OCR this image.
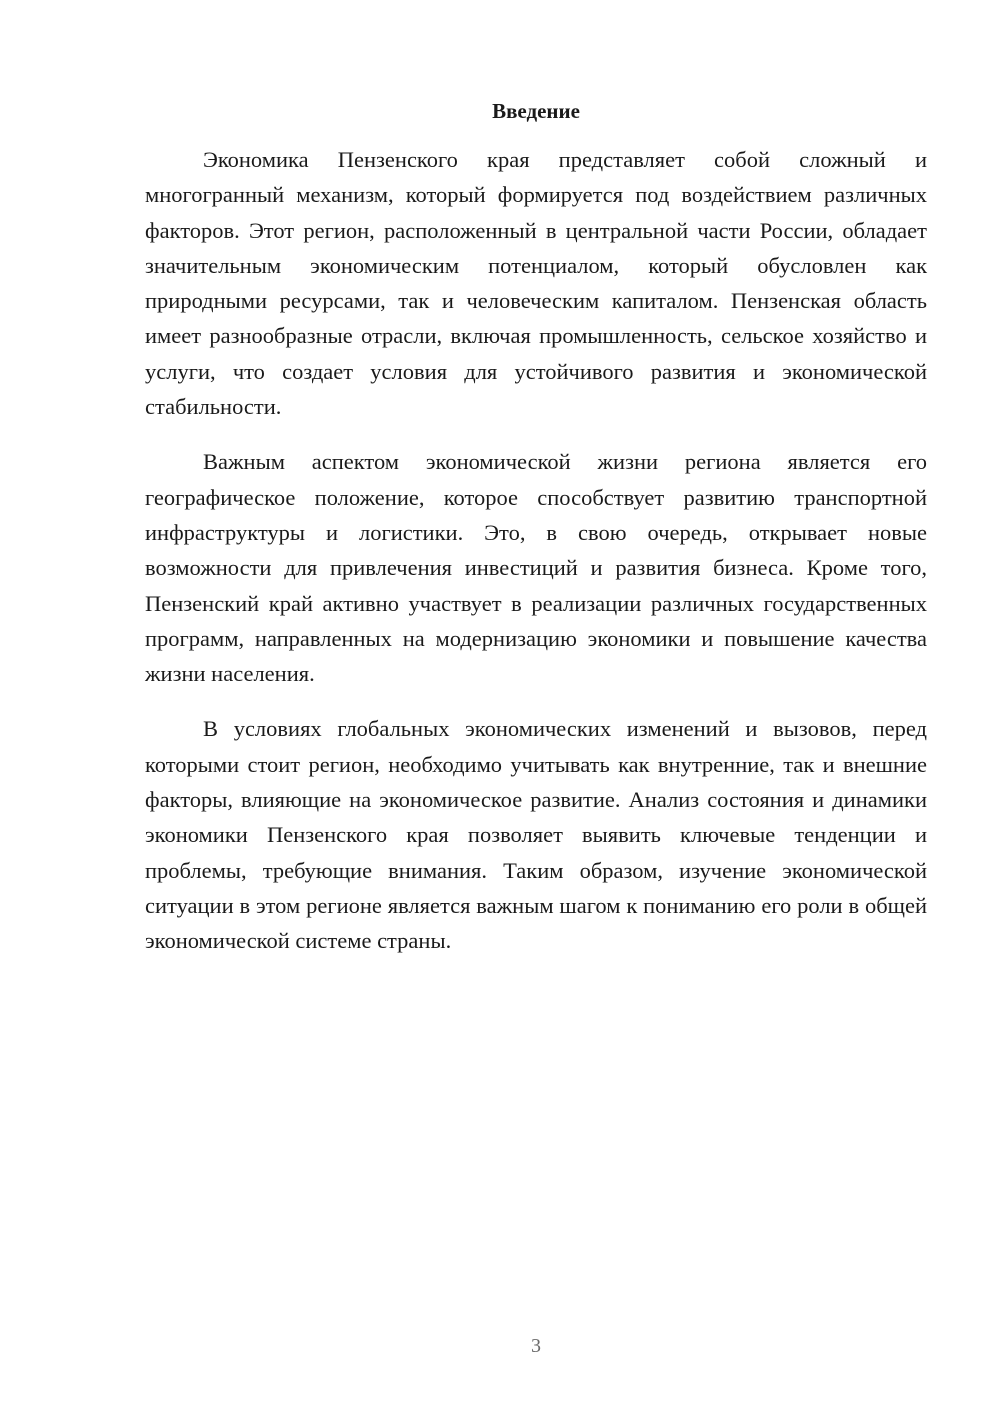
Введение

Экономика Пензенского края представляет собой сложный и многогранный механизм, который формируется под воздействием различных факторов. Этот регион, расположенный в центральной части России, обладает значительным экономическим потенциалом, который обусловлен как природными ресурсами, так и человеческим капиталом. Пензенская область имеет разнообразные отрасли, включая промышленность, сельское хозяйство и услуги, что создает условия для устойчивого развития и экономической стабильности.

Важным аспектом экономической жизни региона является его географическое положение, которое способствует развитию транспортной инфраструктуры и логистики. Это, в свою очередь, открывает новые возможности для привлечения инвестиций и развития бизнеса. Кроме того, Пензенский край активно участвует в реализации различных государственных программ, направленных на модернизацию экономики и повышение качества жизни населения.

В условиях глобальных экономических изменений и вызовов, перед которыми стоит регион, необходимо учитывать как внутренние, так и внешние факторы, влияющие на экономическое развитие. Анализ состояния и динамики экономики Пензенского края позволяет выявить ключевые тенденции и проблемы, требующие внимания. Таким образом, изучение экономической ситуации в этом регионе является важным шагом к пониманию его роли в общей экономической системе страны.

3
